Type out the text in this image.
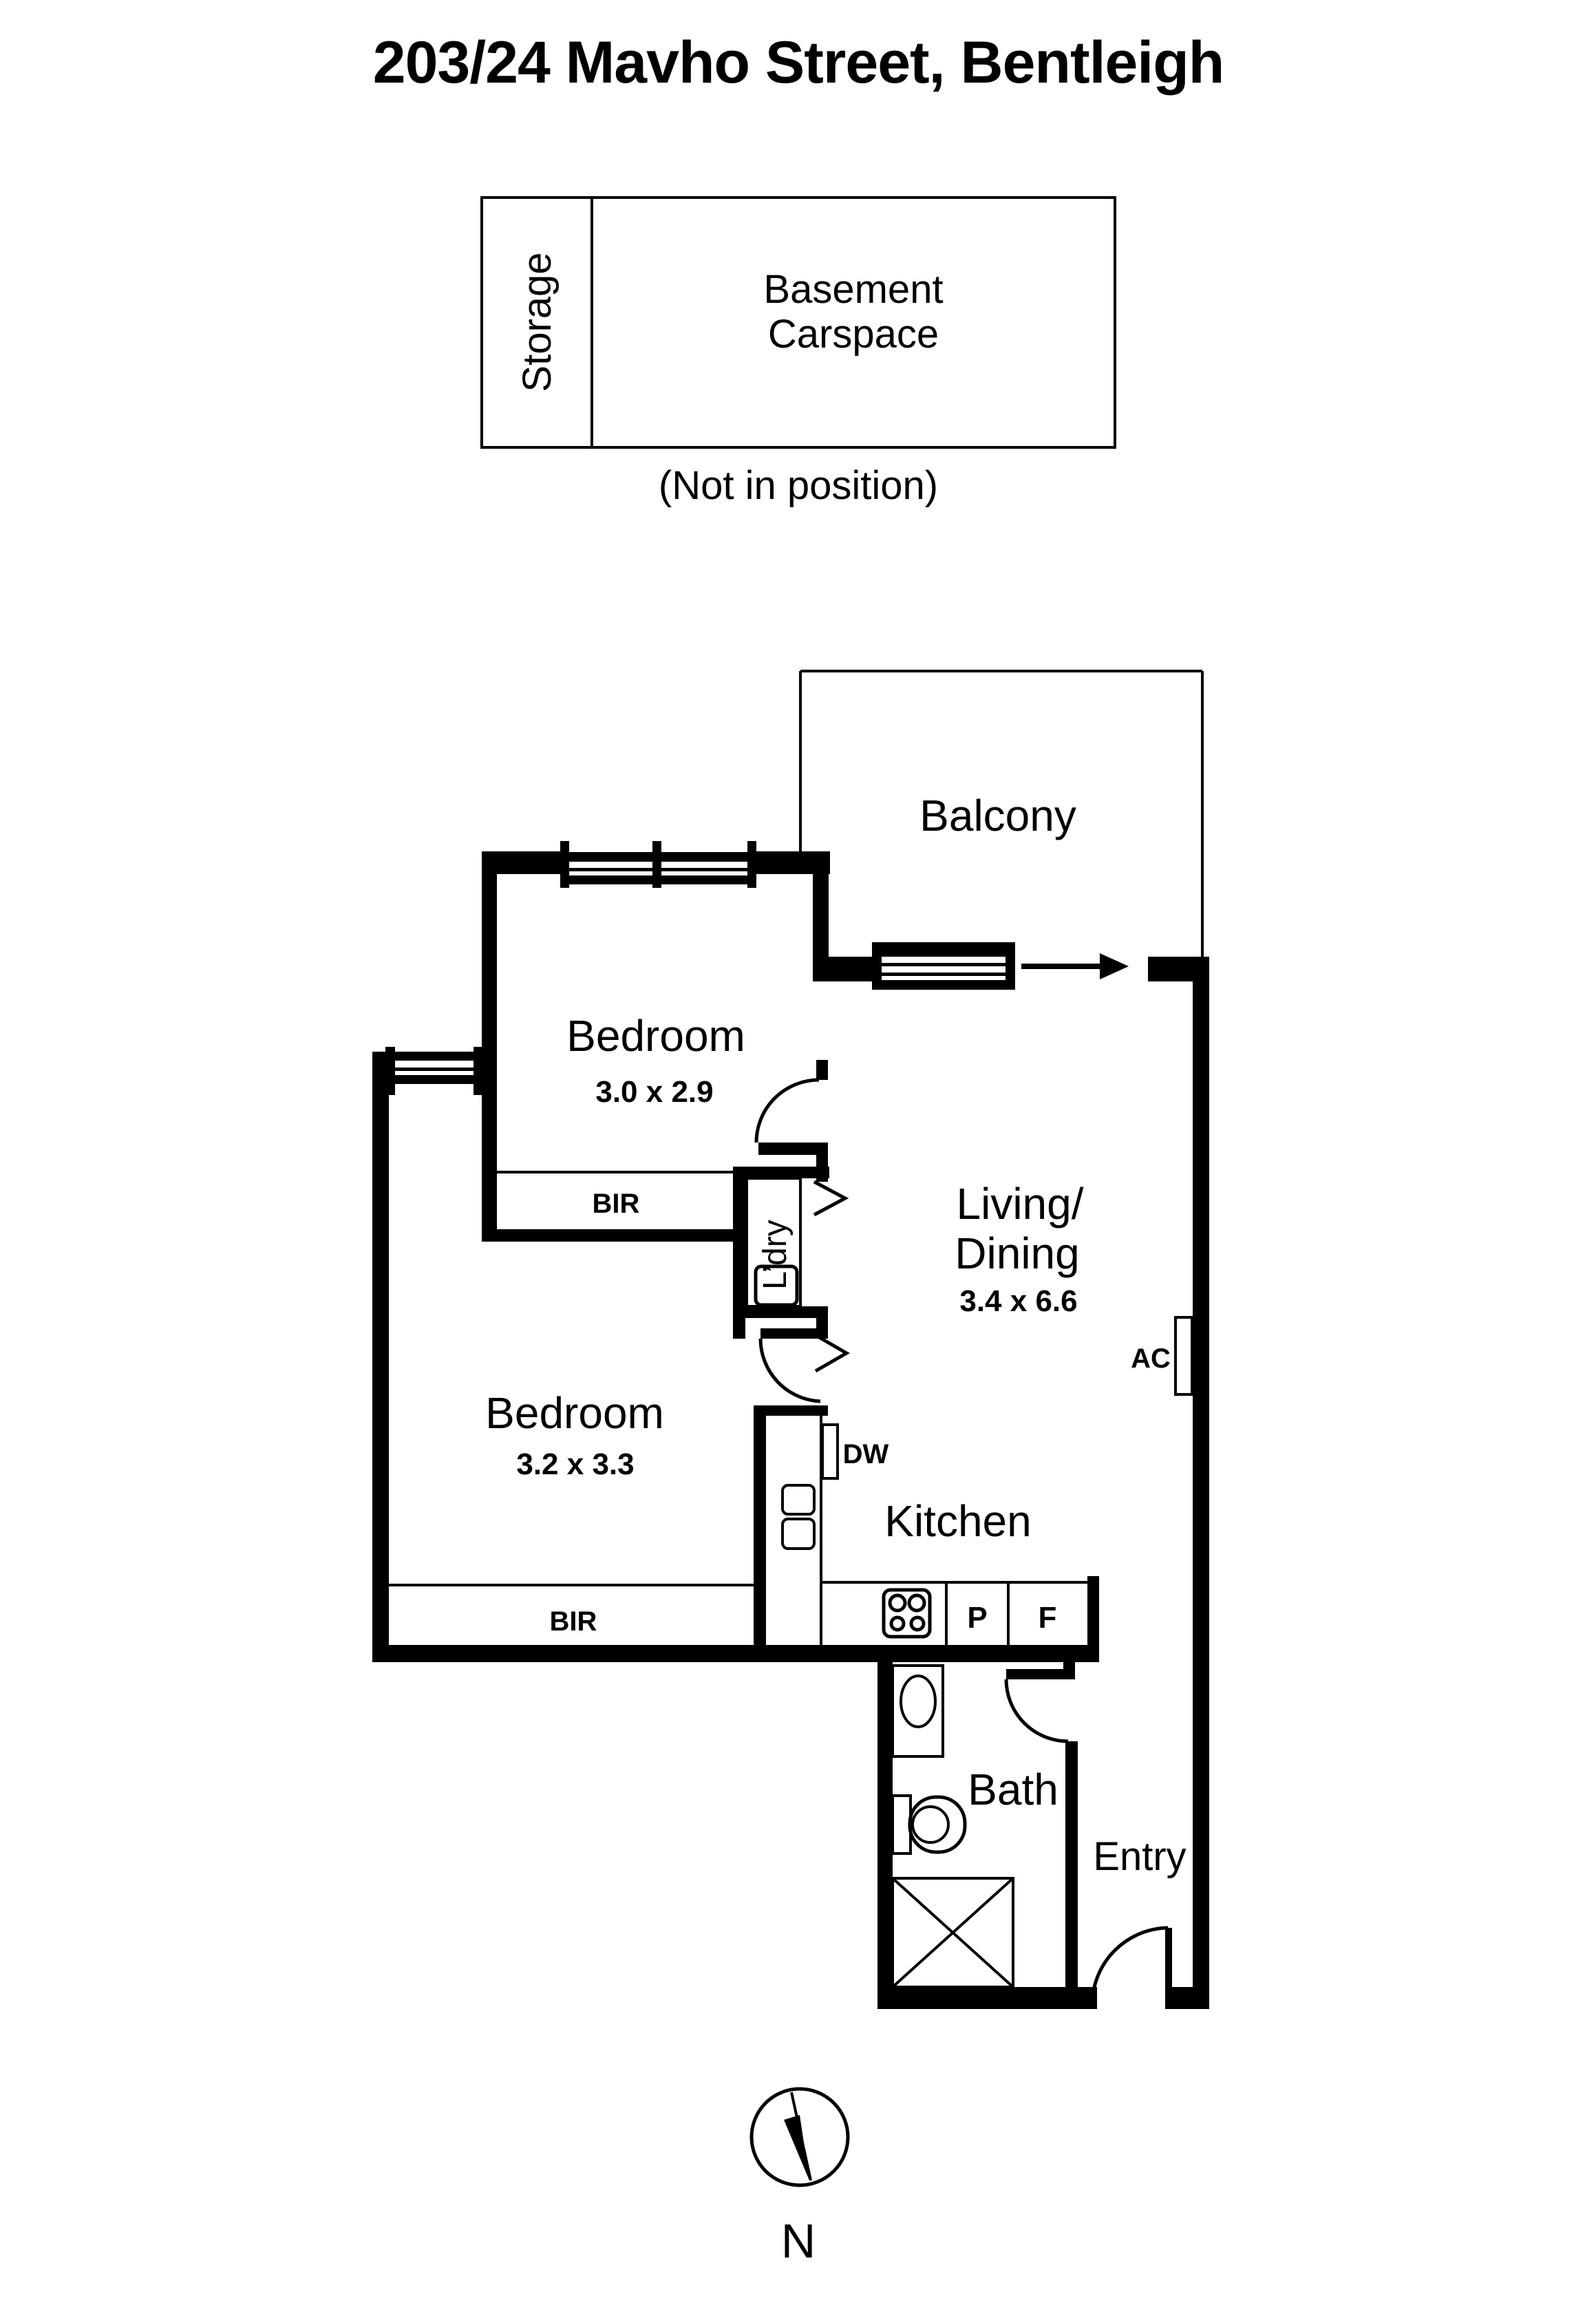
203/24 Mavho Street, Bentleigh
Storage	Basement
Carspace
(Not in position)
Balcony
Bedroom
3.0 x 2.9
BIR
Bedroom
3.2 x 3.3
BIR
L’dry
AC
Living/
Dining
3.4 x 6.6
DW
Kitchen
P F
Bath
Entry
N
